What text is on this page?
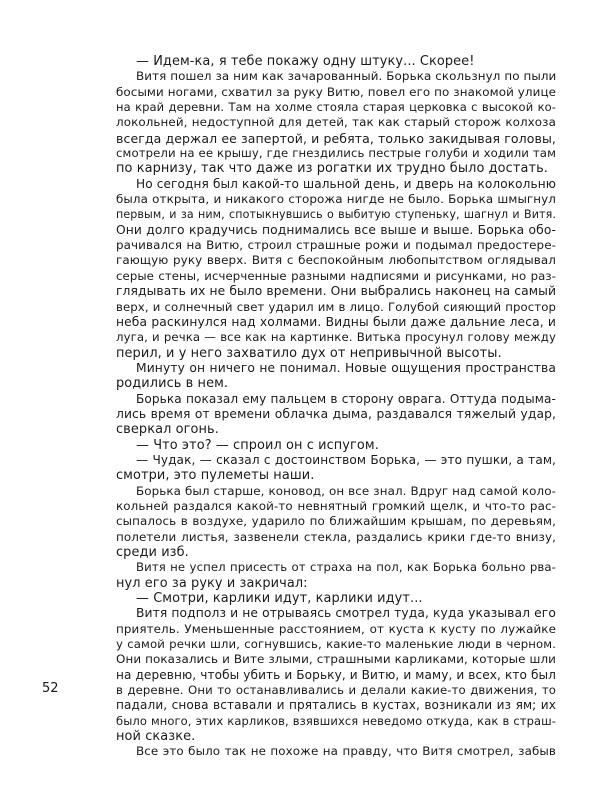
— Идем-ка, я тебе покажу одну штуку... Скорее!
Витя пошел за ним как зачарованный. Борька скользнул по пыли
босыми ногами, схватил за руку Витю, повел его по знакомой улице
на край деревни. Там на холме стояла старая церковка с высокой ко-
локольней, недоступной для детей, так как старый сторож колхоза
всегда держал ее запертой, и ребята, только закидывая головы,
смотрели на ее крышу, где гнездились пестрые голуби и ходили там
по карнизу, так что даже из рогатки их трудно было достать.
Но сегодня был какой-то шальной день, и дверь на колокольню
была открыта, и никакого сторожа нигде не было. Борька шмыгнул
первым, и за ним, спотыкнувшись о выбитую ступеньку, шагнул и Витя.
Они долго крадучись поднимались все выше и выше. Борька обо-
рачивался на Витю, строил страшные рожи и подымал предостере-
гающую руку вверх. Витя с беспокойным любопытством оглядывал
серые стены, исчерченные разными надписями и рисунками, но раз-
глядывать их не было времени. Они выбрались наконец на самый
верх, и солнечный свет ударил им в лицо. Голубой сияющий простор
неба раскинулся над холмами. Видны были даже дальние леса, и
луга, и речка — все как на картинке. Витька просунул голову между
перил, и у него захватило дух от непривычной высоты.
Минуту он ничего не понимал. Новые ощущения пространства
родились в нем.
Борька показал ему пальцем в сторону оврага. Оттуда подыма-
лись время от времени облачка дыма, раздавался тяжелый удар,
сверкал огонь.
— Что это? — спроил он с испугом.
— Чудак, — сказал с достоинством Борька, — это пушки, а там,
смотри, это пулеметы наши.
Борька был старше, коновод, он все знал. Вдруг над самой коло-
кольней раздался какой-то невнятный громкий щелк, и что-то рас-
сыпалось в воздухе, ударило по ближайшим крышам, по деревьям,
полетели листья, зазвенели стекла, раздались крики где-то внизу,
среди изб.
Витя не успел присесть от страха на пол, как Борька больно рва-
нул его за руку и закричал:
— Смотри, карлики идут, карлики идут...
Витя подполз и не отрываясь смотрел туда, куда указывал его
приятель. Уменьшенные расстоянием, от куста к кусту по лужайке
у самой речки шли, согнувшись, какие-то маленькие люди в черном.
Они показались и Вите злыми, страшными карликами, которые шли
на деревню, чтобы убить и Борьку, и Витю, и маму, и всех, кто был
в деревне. Они то останавливались и делали какие-то движения, то
падали, снова вставали и прятались в кустах, возникали из ям; их
было много, этих карликов, взявшихся неведомо откуда, как в страш-
ной сказке.
Все это было так не похоже на правду, что Витя смотрел, забыв
52
